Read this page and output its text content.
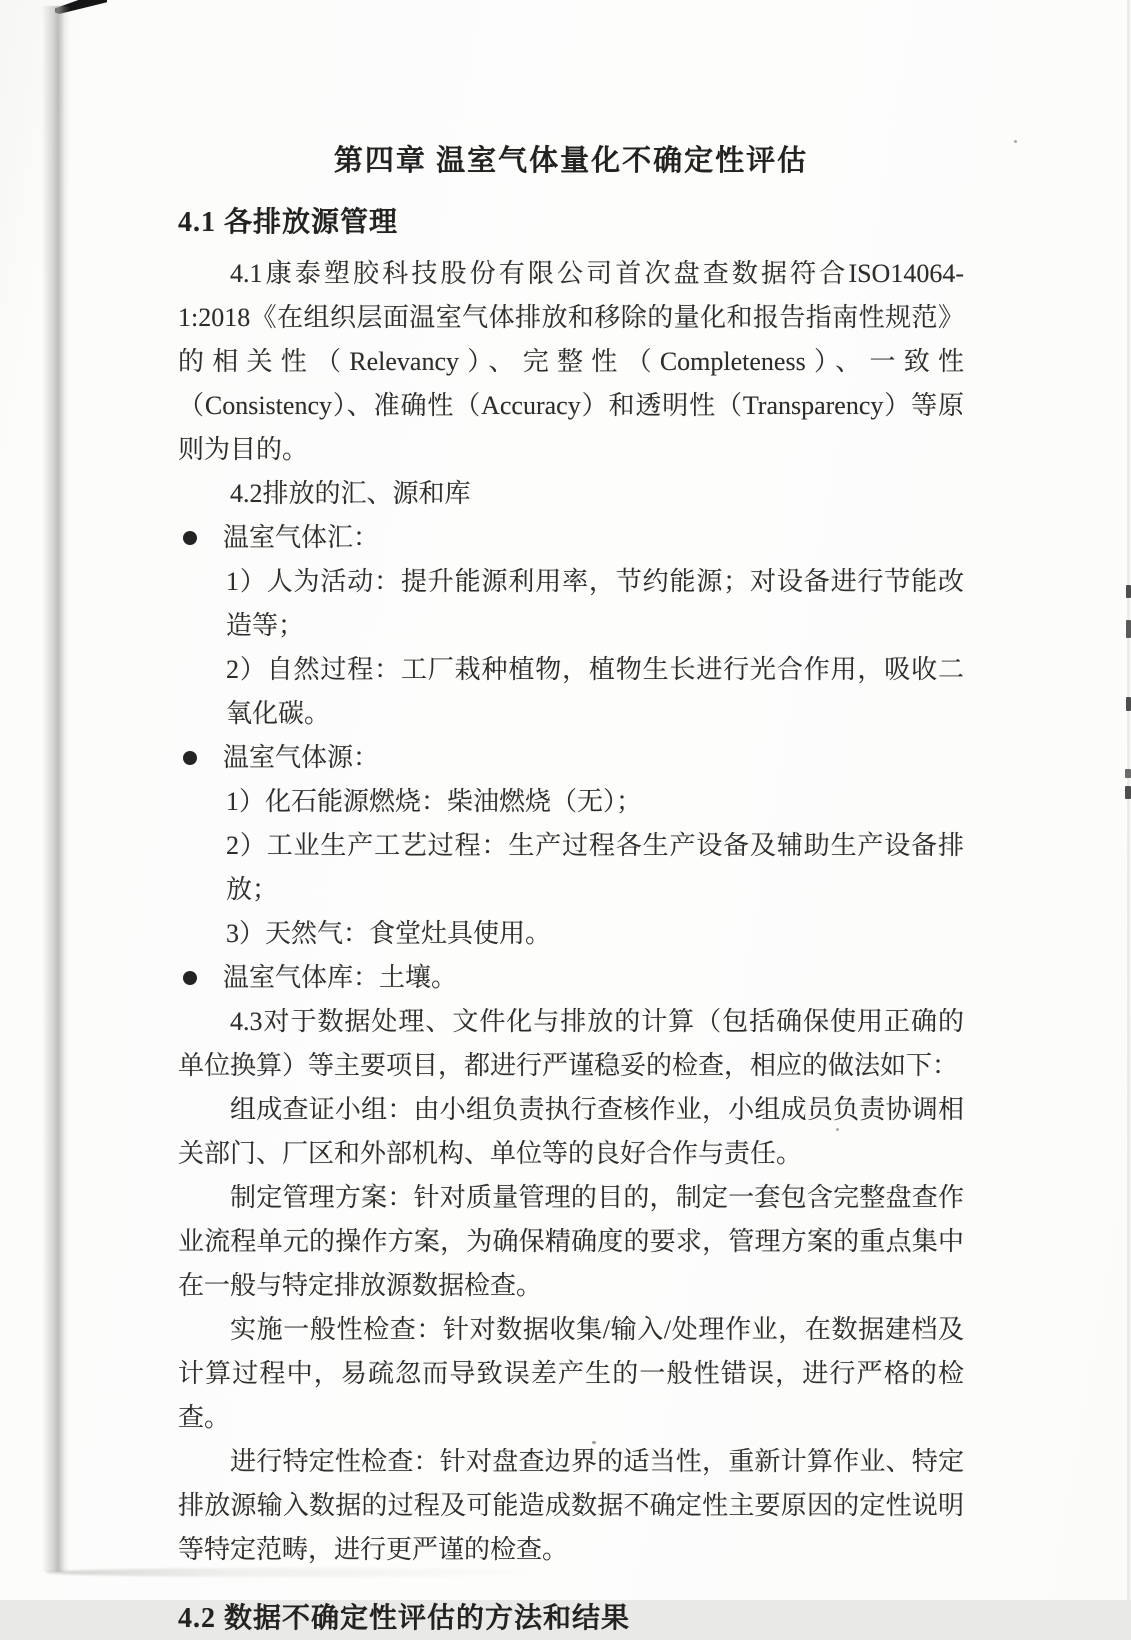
第四章 温室气体量化不确定性评估
4.1 各排放源管理

4.1康泰塑胶科技股份有限公司首次盘查数据符合ISO14064-1:2018《在组织层面温室气体排放和移除的量化和报告指南性规范》的相关性（Relevancy）、完整性（Completeness）、一致性（Consistency）、准确性（Accuracy）和透明性（Transparency）等原则为目的。

4.2排放的汇、源和库

温室气体汇：

1）人为活动：提升能源利用率，节约能源；对设备进行节能改造等；

2）自然过程：工厂栽种植物，植物生长进行光合作用，吸收二氧化碳。

温室气体源：

1）化石能源燃烧：柴油燃烧（无）；

2）工业生产工艺过程：生产过程各生产设备及辅助生产设备排放；

3）天然气：食堂灶具使用。

温室气体库：土壤。

4.3对于数据处理、文件化与排放的计算（包括确保使用正确的单位换算）等主要项目，都进行严谨稳妥的检查，相应的做法如下：

组成查证小组：由小组负责执行查核作业，小组成员负责协调相关部门、厂区和外部机构、单位等的良好合作与责任。

制定管理方案：针对质量管理的目的，制定一套包含完整盘查作业流程单元的操作方案，为确保精确度的要求，管理方案的重点集中在一般与特定排放源数据检查。

实施一般性检查：针对数据收集/输入/处理作业，在数据建档及计算过程中，易疏忽而导致误差产生的一般性错误，进行严格的检查。

进行特定性检查：针对盘查边界的适当性，重新计算作业、特定排放源输入数据的过程及可能造成数据不确定性主要原因的定性说明等特定范畴，进行更严谨的检查。

4.2 数据不确定性评估的方法和结果
